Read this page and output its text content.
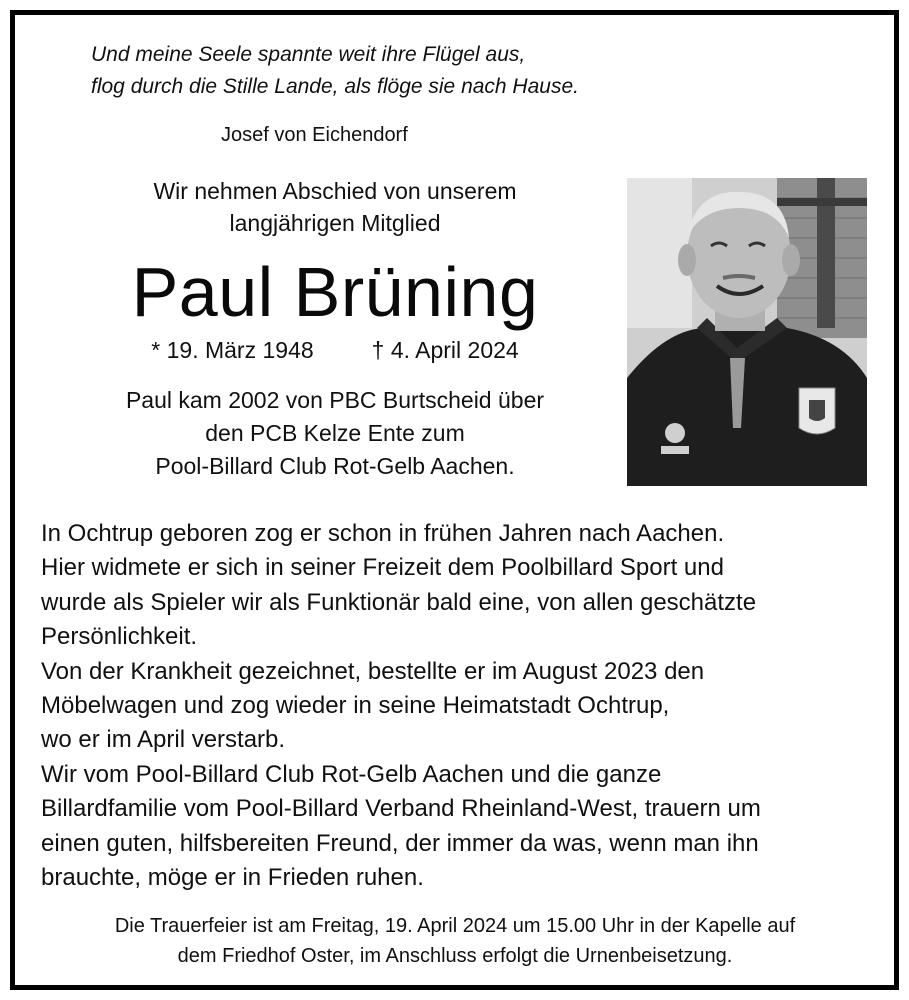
Und meine Seele spannte weit ihre Flügel aus,
flog durch die Stille Lande, als flöge sie nach Hause.
Josef von Eichendorf
Wir nehmen Abschied von unserem
langjährigen Mitglied
Paul Brüning
* 19. März 1948	† 4. April 2024
Paul kam 2002 von PBC Burtscheid über
den PCB Kelze Ente zum
Pool-Billard Club Rot-Gelb Aachen.
In Ochtrup geboren zog er schon in frühen Jahren nach Aachen.
Hier widmete er sich in seiner Freizeit dem Poolbillard Sport und
wurde als Spieler wir als Funktionär bald eine, von allen geschätzte
Persönlichkeit.
Von der Krankheit gezeichnet, bestellte er im August 2023 den
Möbelwagen und zog wieder in seine Heimatstadt Ochtrup,
wo er im April verstarb.
Wir vom Pool-Billard Club Rot-Gelb Aachen und die ganze
Billardfamilie vom Pool-Billard Verband Rheinland-West, trauern um
einen guten, hilfsbereiten Freund, der immer da was, wenn man ihn
brauchte, möge er in Frieden ruhen.
Die Trauerfeier ist am Freitag, 19. April 2024 um 15.00 Uhr in der Kapelle auf
dem Friedhof Oster, im Anschluss erfolgt die Urnenbeisetzung.
